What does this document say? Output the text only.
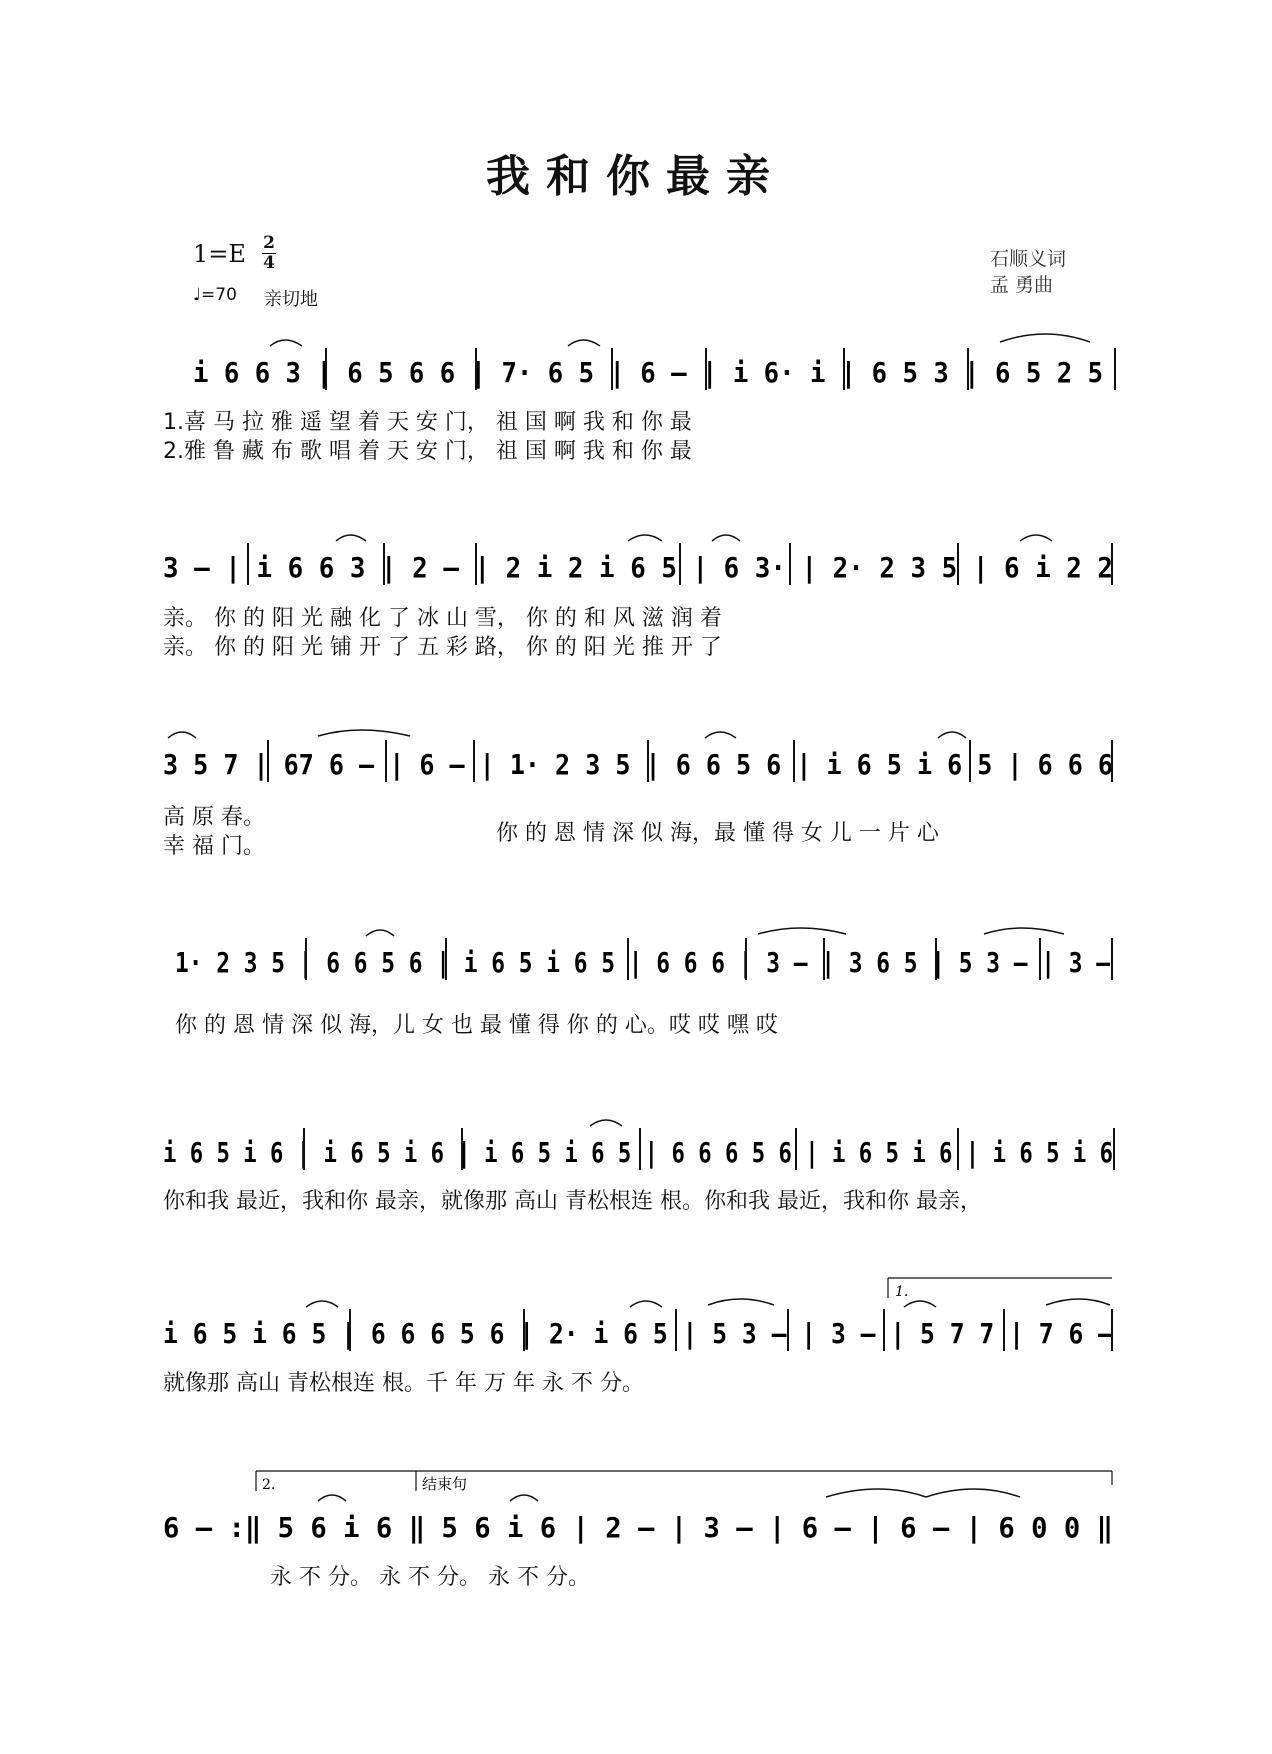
我和你最亲
1=E 2
4
♩=70 亲切地
石顺义词
孟 勇曲
i 6 6 3 | 6 5 6 6 | 7· 6 5 | 6 – | i 6· i | 6 5 3 | 6 5 2 5
1.喜 马 拉 雅 遥 望 着 天 安 门， 祖 国 啊 我 和 你 最
2.雅 鲁 藏 布 歌 唱 着 天 安 门， 祖 国 啊 我 和 你 最
3 – | i 6 6 3 | 2 – | 2 i 2 i 6 5 | 6 3· | 2· 2 3 5 | 6 i 2 2
亲。 你 的 阳 光 融 化 了 冰 山 雪， 你 的 和 风 滋 润 着
亲。 你 的 阳 光 铺 开 了 五 彩 路， 你 的 阳 光 推 开 了
3 5 7 | 67 6 – | 6 – | 1· 2 3 5 | 6 6 5 6 | i 6 5 i 6 5 | 6 6 6
高 原 春。
幸 福 门。
你 的 恩 情 深 似 海，最 懂 得 女 儿 一 片 心
1· 2 3 5 | 6 6 5 6 | i 6 5 i 6 5 | 6 6 6 | 3 – | 3 6 5 | 5 3 – | 3 –
你 的 恩 情 深 似 海，儿 女 也 最 懂 得 你 的 心。哎 哎 嘿 哎
i 6 5 i 6 | i 6 5 i 6 | i 6 5 i 6 5 | 6 6 6 5 6 | i 6 5 i 6 | i 6 5 i 6
你和我 最近，我和你 最亲，就像那 高山 青松根连 根。你和我 最近，我和你 最亲，
1.
i 6 5 i 6 5 | 6 6 6 5 6 | 2· i 6 5 | 5 3 – | 3 – | 5 7 7 | 7 6 –
就像那 高山 青松根连 根。千 年 万 年 永 不 分。
2.	结束句
6 – :‖ 5 6 i 6 ‖ 5 6 i 6 | 2 – | 3 – | 6 – | 6 – | 6 0 0 ‖
永 不 分。 永 不 分。 永 不 分。
